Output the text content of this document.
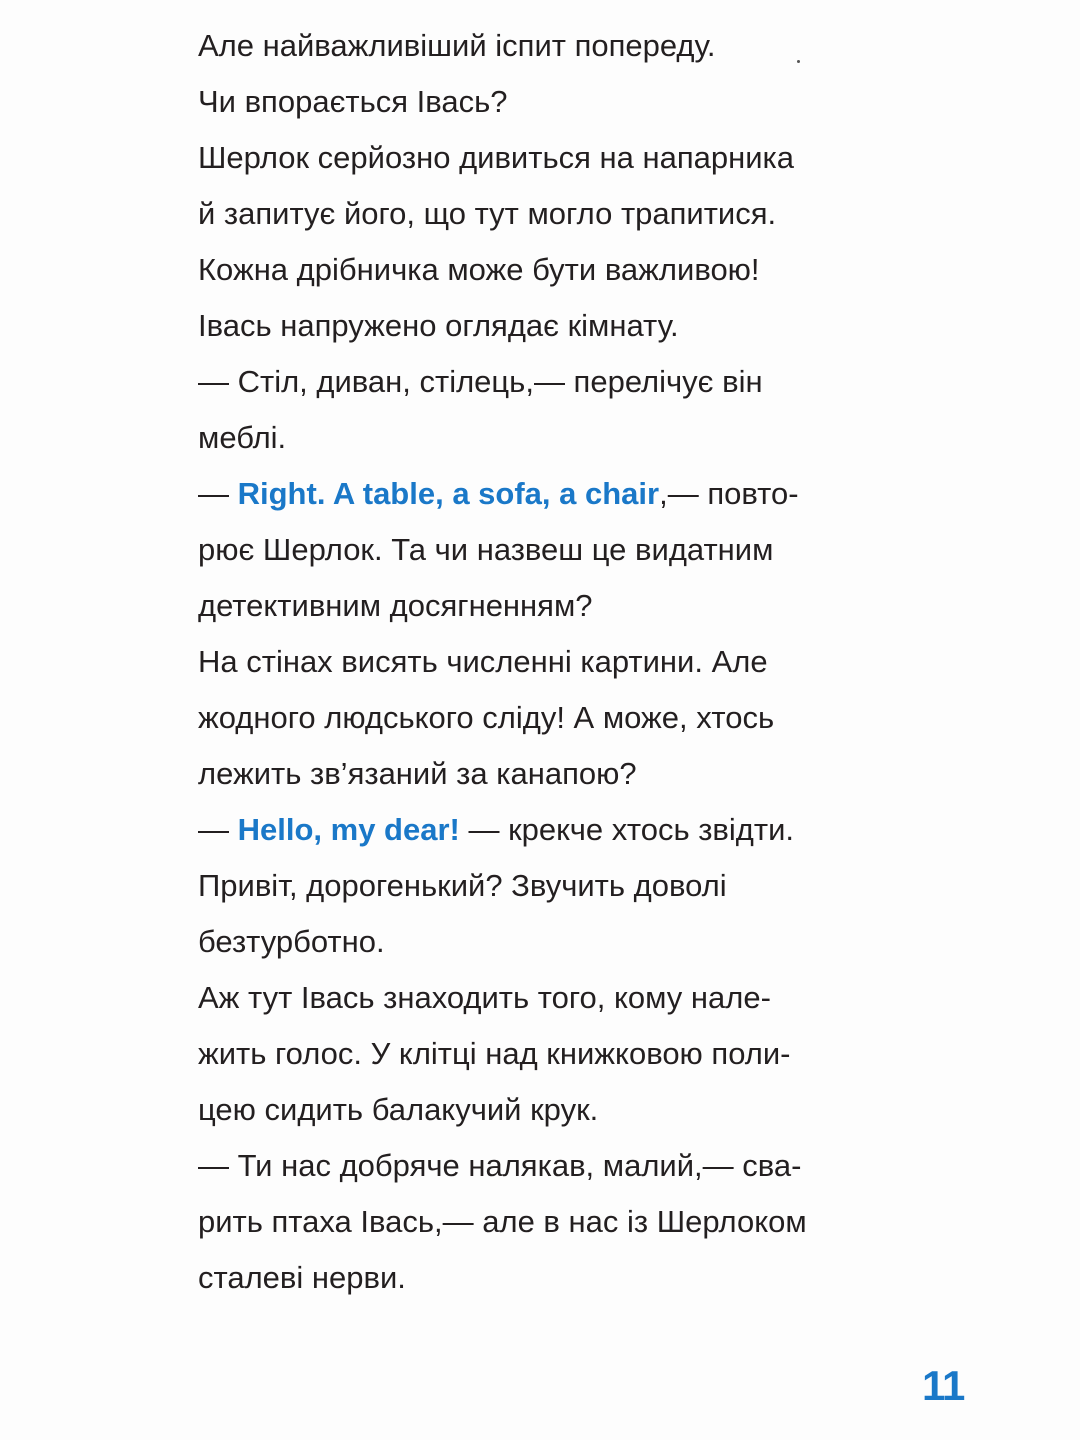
Але найважливіший іспит попереду.
Чи впорається Івась?
Шерлок серйозно дивиться на напарника
й запитує його, що тут могло трапитися.
Кожна дрібничка може бути важливою!
Івась напружено оглядає кімнату.
— Стіл, диван, стілець,— перелічує він
меблі.
— Right. A table, a sofa, a chair,— повто-
рює Шерлок. Та чи назвеш це видатним
детективним досягненням?
На стінах висять численні картини. Але
жодного людського сліду! А може, хтось
лежить зв’язаний за канапою?
— Hello, my dear! — крекче хтось звідти.
Привіт, дорогенький? Звучить доволі
безтурботно.
Аж тут Івась знаходить того, кому нале-
жить голос. У клітці над книжковою поли-
цею сидить балакучий крук.
— Ти нас добряче налякав, малий,— сва-
рить птаха Івась,— але в нас із Шерлоком
сталеві нерви.
11
